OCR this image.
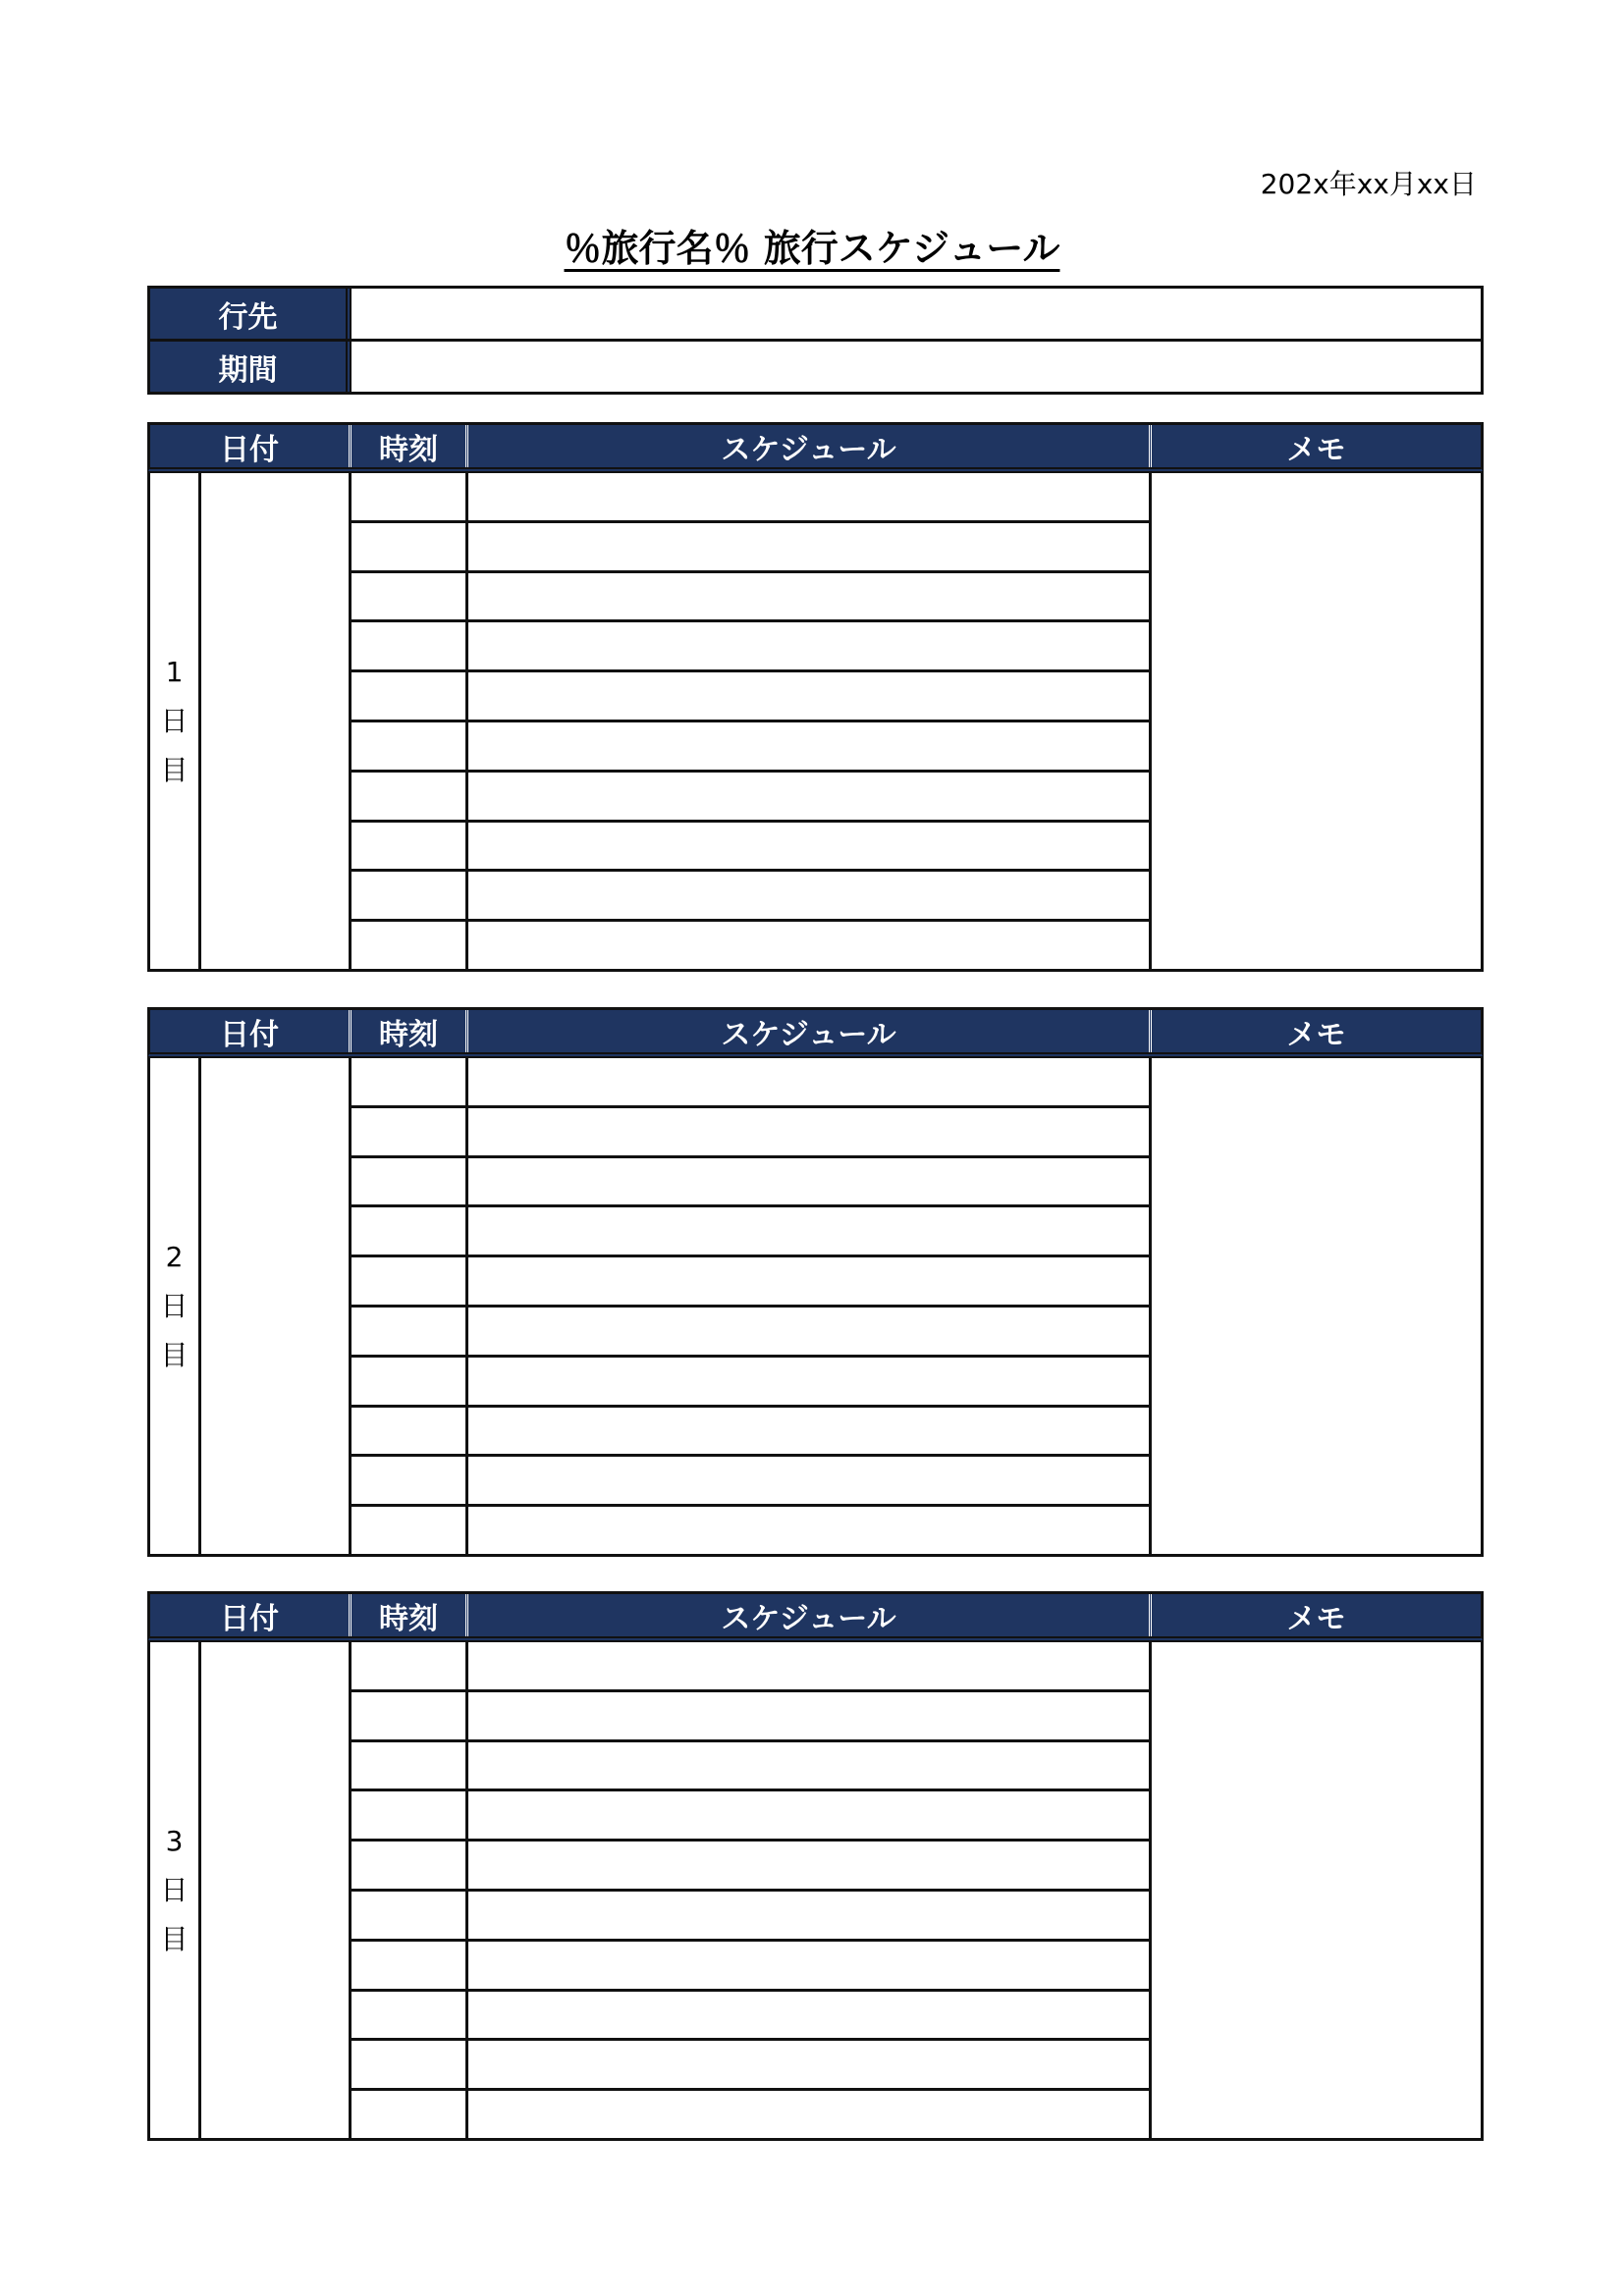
202x年xx月xx日
％旅行名％ 旅行スケジュール
行先
期間
日付	時刻	スケジュール	メモ
1
日
目
日付	時刻	スケジュール	メモ
2
日
目
日付	時刻	スケジュール	メモ
3
日
目
